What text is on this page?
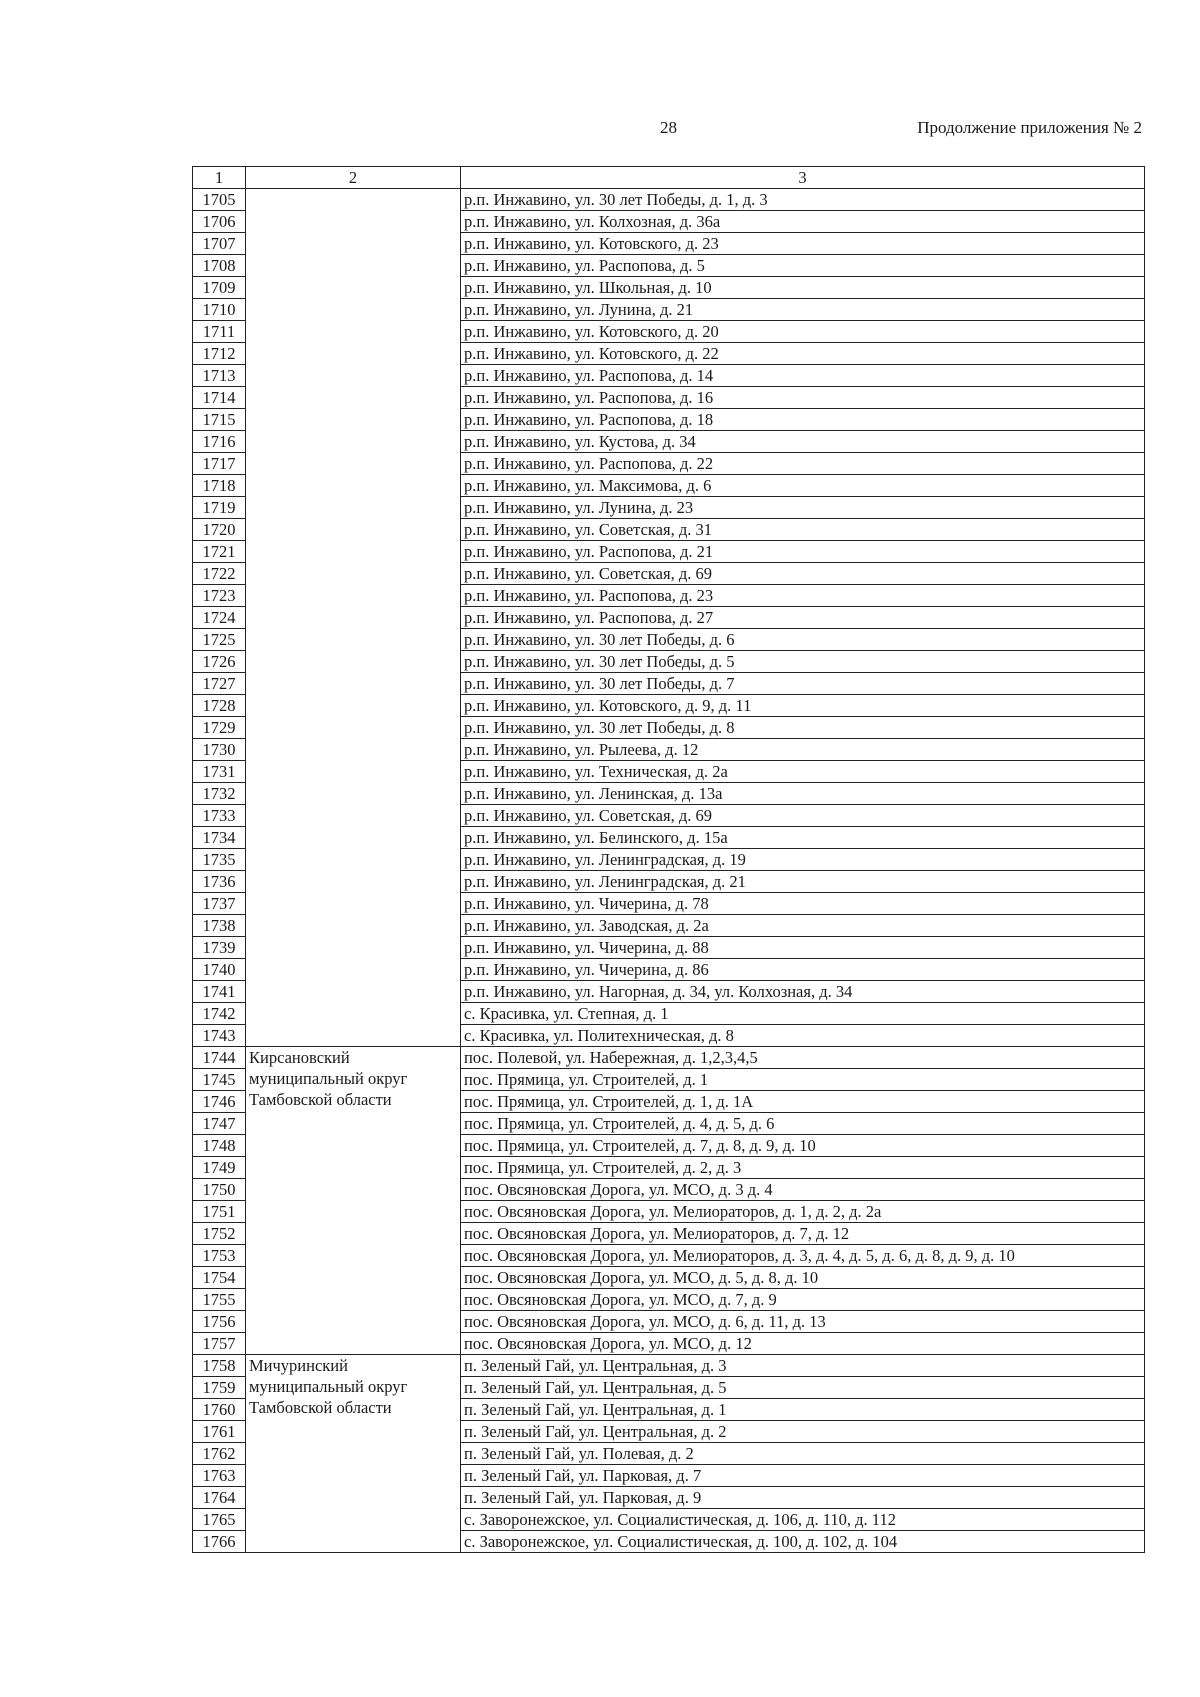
28	Продолжение приложения № 2
1	2	3
1705		р.п. Инжавино, ул. 30 лет Победы, д. 1, д. 3
1706		р.п. Инжавино, ул. Колхозная, д. 36а
1707		р.п. Инжавино, ул. Котовского, д. 23
1708		р.п. Инжавино, ул. Распопова, д. 5
1709		р.п. Инжавино, ул. Школьная, д. 10
1710		р.п. Инжавино, ул. Лунина, д. 21
1711		р.п. Инжавино, ул. Котовского, д. 20
1712		р.п. Инжавино, ул. Котовского, д. 22
1713		р.п. Инжавино, ул. Распопова, д. 14
1714		р.п. Инжавино, ул. Распопова, д. 16
1715		р.п. Инжавино, ул. Распопова, д. 18
1716		р.п. Инжавино, ул. Кустова, д. 34
1717		р.п. Инжавино, ул. Распопова, д. 22
1718		р.п. Инжавино, ул. Максимова, д. 6
1719		р.п. Инжавино, ул. Лунина, д. 23
1720		р.п. Инжавино, ул. Советская, д. 31
1721		р.п. Инжавино, ул. Распопова, д. 21
1722		р.п. Инжавино, ул. Советская, д. 69
1723		р.п. Инжавино, ул. Распопова, д. 23
1724		р.п. Инжавино, ул. Распопова, д. 27
1725		р.п. Инжавино, ул. 30 лет Победы, д. 6
1726		р.п. Инжавино, ул. 30 лет Победы, д. 5
1727		р.п. Инжавино, ул. 30 лет Победы, д. 7
1728		р.п. Инжавино, ул. Котовского, д. 9, д. 11
1729		р.п. Инжавино, ул. 30 лет Победы, д. 8
1730		р.п. Инжавино, ул. Рылеева, д. 12
1731		р.п. Инжавино, ул. Техническая, д. 2а
1732		р.п. Инжавино, ул. Ленинская, д. 13а
1733		р.п. Инжавино, ул. Советская, д. 69
1734		р.п. Инжавино, ул. Белинского, д. 15а
1735		р.п. Инжавино, ул. Ленинградская, д. 19
1736		р.п. Инжавино, ул. Ленинградская, д. 21
1737		р.п. Инжавино, ул. Чичерина, д. 78
1738		р.п. Инжавино, ул. Заводская, д. 2а
1739		р.п. Инжавино, ул. Чичерина, д. 88
1740		р.п. Инжавино, ул. Чичерина, д. 86
1741		р.п. Инжавино, ул. Нагорная, д. 34, ул. Колхозная, д. 34
1742		с. Красивка, ул. Степная, д. 1
1743		с. Красивка, ул. Политехническая, д. 8
1744	Кирсановский муниципальный округ Тамбовской области	пос. Полевой, ул. Набережная, д. 1,2,3,4,5
1745		пос. Прямица, ул. Строителей, д. 1
1746		пос. Прямица, ул. Строителей, д. 1, д. 1А
1747		пос. Прямица, ул. Строителей, д. 4, д. 5, д. 6
1748		пос. Прямица, ул. Строителей, д. 7, д. 8, д. 9, д. 10
1749		пос. Прямица, ул. Строителей, д. 2, д. 3
1750		пос. Овсяновская Дорога, ул. МСО, д. 3 д. 4
1751		пос. Овсяновская Дорога, ул. Мелиораторов, д. 1, д. 2, д. 2а
1752		пос. Овсяновская Дорога, ул. Мелиораторов, д. 7, д. 12
1753		пос. Овсяновская Дорога, ул. Мелиораторов, д. 3, д. 4, д. 5, д. 6, д. 8, д. 9, д. 10
1754		пос. Овсяновская Дорога, ул. МСО, д. 5, д. 8, д. 10
1755		пос. Овсяновская Дорога, ул. МСО, д. 7, д. 9
1756		пос. Овсяновская Дорога, ул. МСО, д. 6, д. 11, д. 13
1757		пос. Овсяновская Дорога, ул. МСО, д. 12
1758	Мичуринский муниципальный округ Тамбовской области	п. Зеленый Гай, ул. Центральная, д. 3
1759		п. Зеленый Гай, ул. Центральная, д. 5
1760		п. Зеленый Гай, ул. Центральная, д. 1
1761		п. Зеленый Гай, ул. Центральная, д. 2
1762		п. Зеленый Гай, ул. Полевая, д. 2
1763		п. Зеленый Гай, ул. Парковая, д. 7
1764		п. Зеленый Гай, ул. Парковая, д. 9
1765		с. Заворонежское, ул. Социалистическая, д. 106, д. 110, д. 112
1766		с. Заворонежское, ул. Социалистическая, д. 100, д. 102, д. 104
